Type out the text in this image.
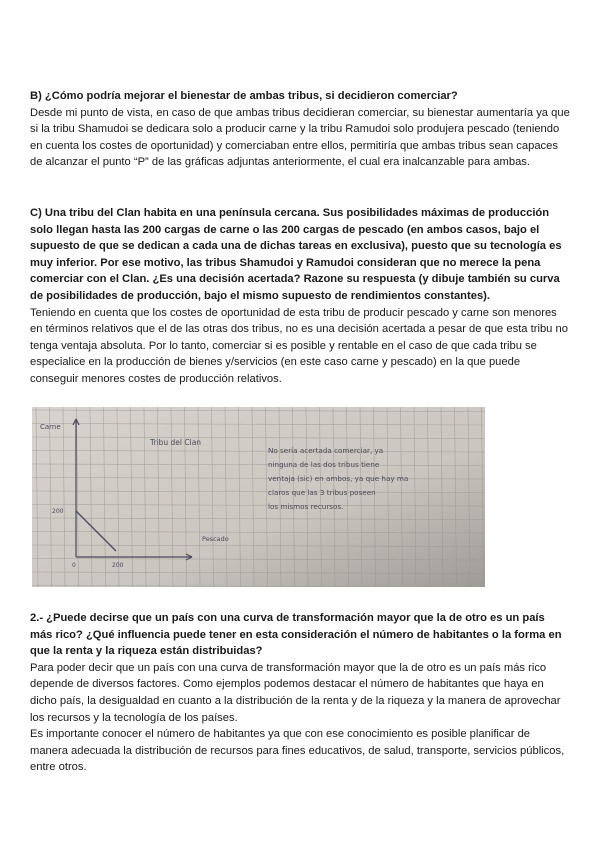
B) ¿Cómo podría mejorar el bienestar de ambas tribus, si decidieron comerciar?

Desde mi punto de vista, en caso de que ambas tribus decidieran comerciar, su bienestar aumentaría ya que si la tribu Shamudoi se dedicara solo a producir carne y la tribu Ramudoi solo produjera pescado (teniendo en cuenta los costes de oportunidad) y comerciaban entre ellos, permitiría que ambas tribus sean capaces de alcanzar el punto “P” de las gráficas adjuntas anteriormente, el cual era inalcanzable para ambas.

C) Una tribu del Clan habita en una península cercana. Sus posibilidades máximas de producción solo llegan hasta las 200 cargas de carne o las 200 cargas de pescado (en ambos casos, bajo el supuesto de que se dedican a cada una de dichas tareas en exclusiva), puesto que su tecnología es muy inferior. Por ese motivo, las tribus Shamudoi y Ramudoi consideran que no merece la pena comerciar con el Clan. ¿Es una decisión acertada? Razone su respuesta (y dibuje también su curva de posibilidades de producción, bajo el mismo supuesto de rendimientos constantes).

Teniendo en cuenta que los costes de oportunidad de esta tribu de producir pescado y carne son menores en términos relativos que el de las otras dos tribus, no es una decisión acertada a pesar de que esta tribu no tenga ventaja absoluta. Por lo tanto, comerciar si es posible y rentable en el caso de que cada tribu se especialice en la producción de bienes y/servicios (en este caso carne y pescado) en la que puede conseguir menores costes de producción relativos.

Carne
200
0	200
Pescado
Tribu del Clan
No sería acertada comerciar, ya
ninguna de las dos tribus tiene
ventaja (sic) en ambos, ya que hay ma
claros que las 3 tribus poseen
los mismos recursos.

2.- ¿Puede decirse que un país con una curva de transformación mayor que la de otro es un país más rico? ¿Qué influencia puede tener en esta consideración el número de habitantes o la forma en que la renta y la riqueza están distribuidas?

Para poder decir que un país con una curva de transformación mayor que la de otro es un país más rico depende de diversos factores. Como ejemplos podemos destacar el número de habitantes que haya en dicho país, la desigualdad en cuanto a la distribución de la renta y de la riqueza y la manera de aprovechar los recursos y la tecnología de los países.

Es importante conocer el número de habitantes ya que con ese conocimiento es posible planificar de manera adecuada la distribución de recursos para fines educativos, de salud, transporte, servicios públicos, entre otros.
